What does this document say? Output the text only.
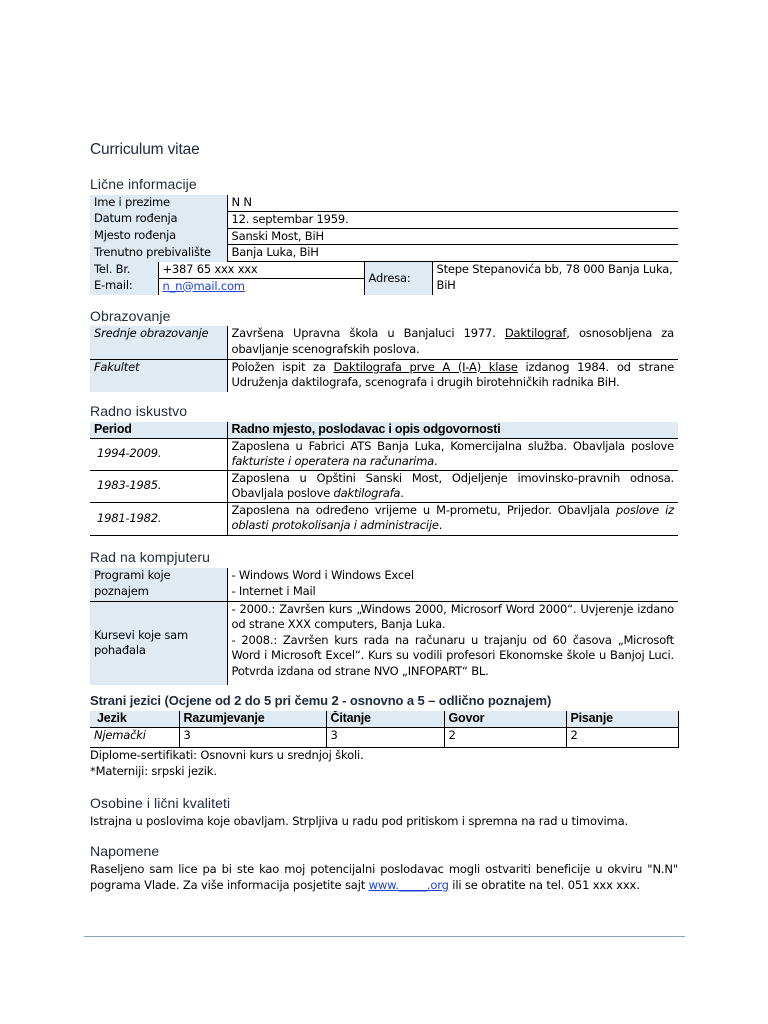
Curriculum vitae
Lične informacije
Ime i prezime		N N		
Datum rođenja		12. septembar 1959.		
Mjesto rođenja		Sanski Most, BiH		
Trenutno prebivalište		Banja Luka, BiH		
Tel. Br.	+387 65 xxx xxx		Adresa:	Stepe Stepanovića bb, 78 000 Banja Luka, BiH
E-mail:	n_n@mail.com			
Obrazovanje
Srednje obrazovanje	Završena Upravna škola u Banjaluci 1977. Daktilograf, osnosobljena za obavljanje scenografskih poslova.
Fakultet	Položen ispit za Daktilografa prve A (I-A) klase izdanog 1984. od strane Udruženja daktilografa, scenografa i drugih birotehničkih radnika BiH.
Radno iskustvo
Period	Radno mjesto, poslodavac i opis odgovornosti
1994-2009.	Zaposlena u Fabrici ATS Banja Luka, Komercijalna služba. Obavljala poslove fakturiste i operatera na računarima.
1983-1985.	Zaposlena u Opštini Sanski Most, Odjeljenje imovinsko-pravnih odnosa. Obavljala poslove daktilografa.
1981-1982.	Zaposlena na određeno vrijeme u M-prometu, Prijedor. Obavljala poslove iz oblasti protokolisanja i administracije.
Rad na kompjuteru
Programi koje poznajem	- Windows Word i Windows Excel
- Internet i Mail

Kursevi koje sam pohađala	- 2000.: Završen kurs „Windows 2000, Microsorf Word 2000“. Uvjerenje izdano od strane XXX computers, Banja Luka.
- 2008.: Završen kurs rada na računaru u trajanju od 60 časova „Microsoft Word i Microsoft Excel“. Kurs su vodili profesori Ekonomske škole u Banjoj Luci. Potvrda izdana od strane NVO „INFOPART“ BL.
Strani jezici (Ocjene od 2 do 5 pri čemu 2 - osnovno a 5 – odlično poznajem)
Jezik	Razumjevanje	Čitanje	Govor	Pisanje
Njemački	3	3	2	2

Diplome-sertifikati: Osnovni kurs u srednjoj školi.

*Materniji: srpski jezik.

Osobine i lični kvaliteti

Istrajna u poslovima koje obavljam. Strpljiva u radu pod pritiskom i spremna na rad u timovima.

Napomene

Raseljeno sam lice pa bi ste kao moj potencijalni poslodavac mogli ostvariti beneficije u okviru "N.N" pograma Vlade. Za više informacija posjetite sajt www._____.org ili se obratite na tel. 051 xxx xxx.
